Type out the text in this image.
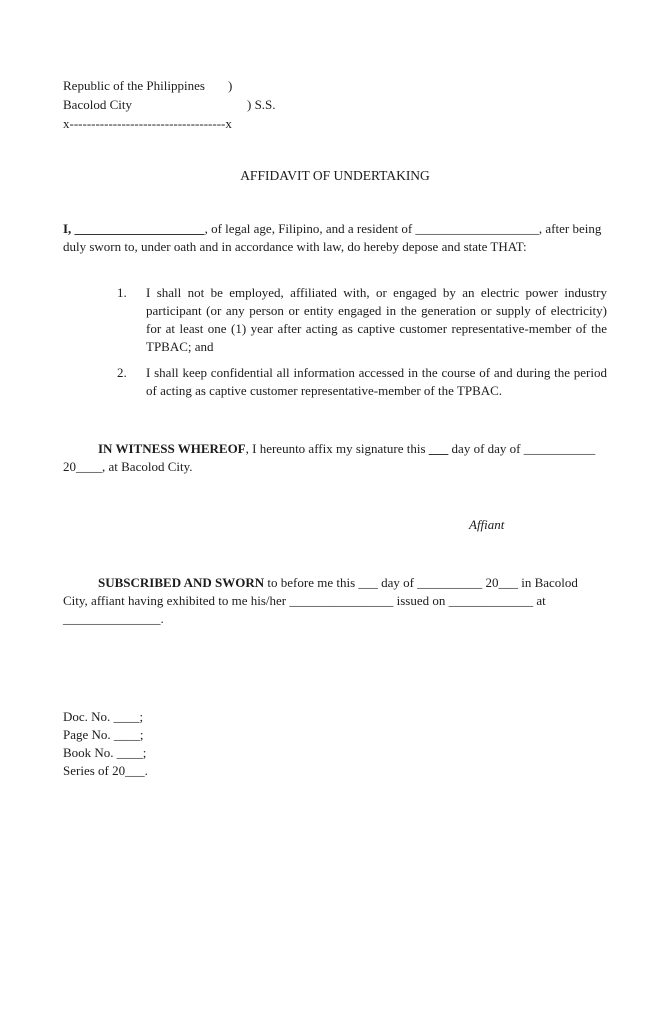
Republic of the Philippines )
Bacolod City	) S.S.
x------------------------------------x
AFFIDAVIT OF UNDERTAKING

I, ____________________, of legal age, Filipino, and a resident of ___________________, after being
duly sworn to, under oath and in accordance with law, do hereby depose and state THAT:

1.	I shall not be employed, affiliated with, or engaged by an electric power industry participant (or any person or entity engaged in the generation or supply of electricity) for at least one (1) year after acting as captive customer representative-member of the TPBAC; and
2.	I shall keep confidential all information accessed in the course of and during the period of acting as captive customer representative-member of the TPBAC.
IN WITNESS WHEREOF, I hereunto affix my signature this ___ day of day of ___________
20____, at Bacolod City.
Affiant
SUBSCRIBED AND SWORN to before me this ___ day of __________ 20___ in Bacolod
City, affiant having exhibited to me his/her ________________ issued on _____________ at
_______________.
Doc. No. ____;
Page No. ____;
Book No. ____;
Series of 20___.
